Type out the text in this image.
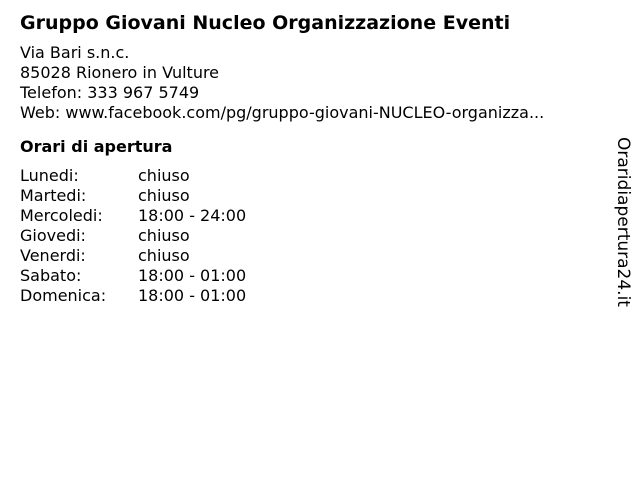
Gruppo Giovani Nucleo Organizzazione Eventi
Via Bari s.n.c.
85028 Rionero in Vulture
Telefon: 333 967 5749
Web: www.facebook.com/pg/gruppo-giovani-NUCLEO-organizza...
Orari di apertura
Lunedi:	chiuso
Martedi:	chiuso
Mercoledi:	18:00 - 24:00
Giovedi:	chiuso
Venerdi:	chiuso
Sabato:	18:00 - 01:00
Domenica:	18:00 - 01:00	Oraridiapertura24.it
